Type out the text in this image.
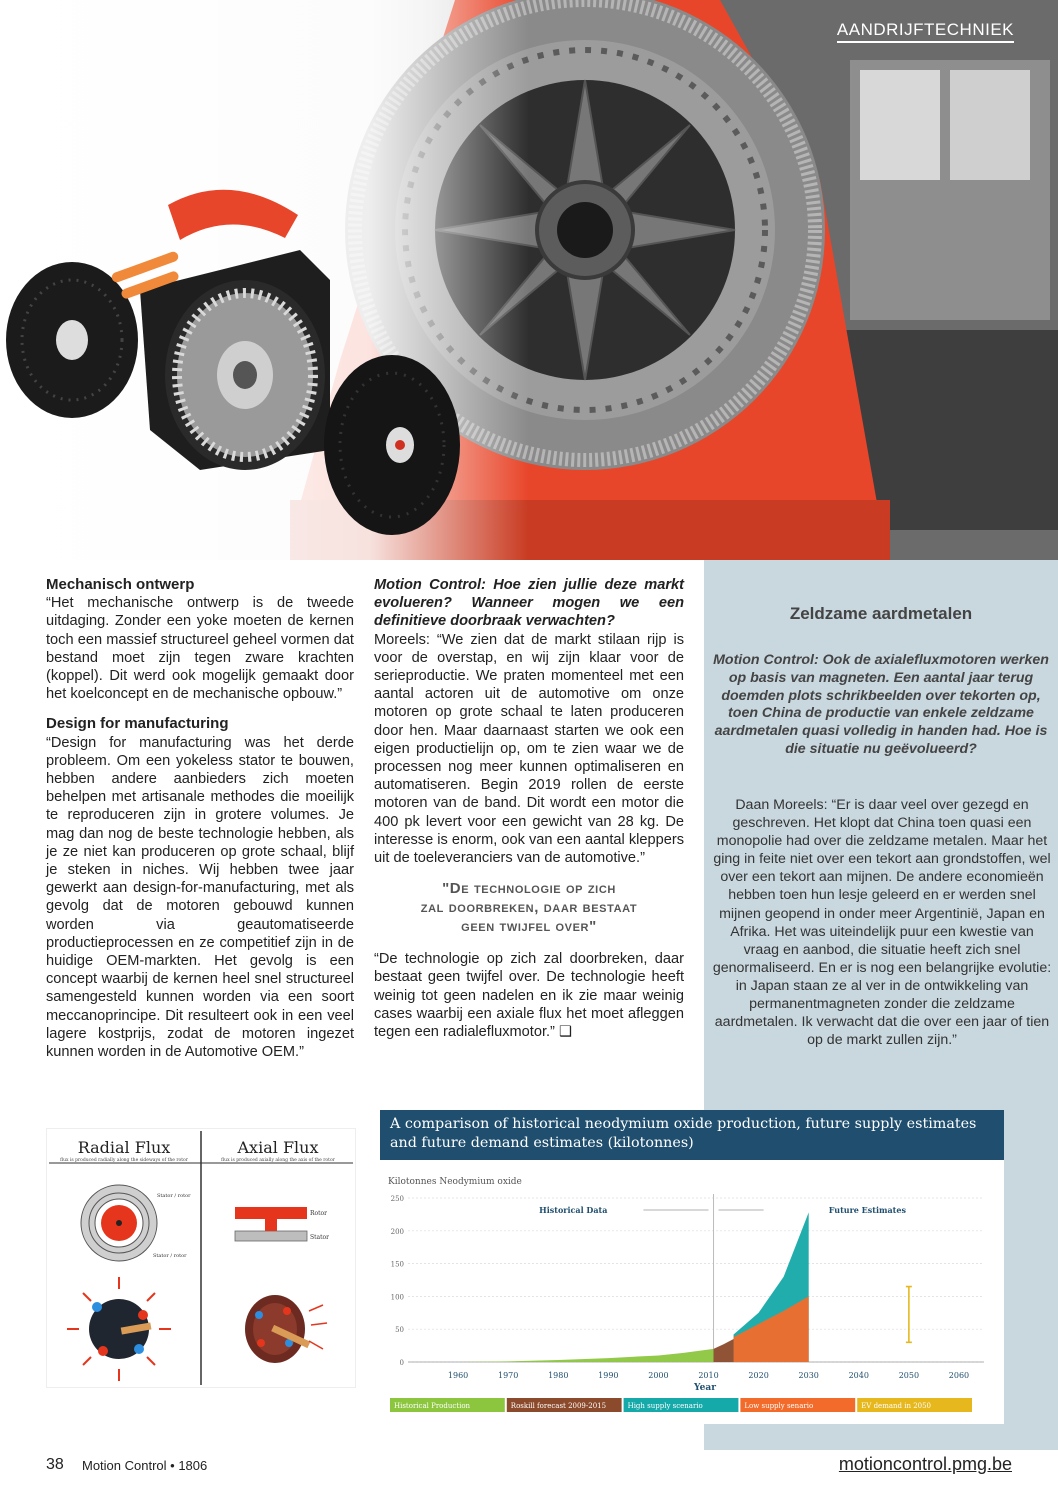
AANDRIJFTECHNIEK

Mechanisch ontwerp

“Het mechanische ontwerp is de tweede uitdaging. Zonder een yoke moeten de kernen toch een massief structureel geheel vormen dat bestand moet zijn tegen zware krachten (koppel). Dit werd ook mogelijk gemaakt door het koelconcept en de mechanische opbouw.”

Design for manufacturing

“Design for manufacturing was het derde probleem. Om een yokeless stator te bouwen, hebben andere aanbieders zich moeten behelpen met artisanale methodes die moeilijk te reproduceren zijn in grotere volumes. Je mag dan nog de beste technologie hebben, als je ze niet kan produceren op grote schaal, blijf je steken in niches. Wij hebben twee jaar gewerkt aan design-for-manufacturing, met als gevolg dat de motoren gebouwd kunnen worden via geautomatiseerde productieprocessen en ze competitief zijn in de huidige OEM-markten. Het gevolg is een concept waarbij de kernen heel snel structureel samengesteld kunnen worden via een soort meccanoprincipe. Dit resulteert ook in een veel lagere kostprijs, zodat de motoren ingezet kunnen worden in de Automotive OEM.”

Motion Control: Hoe zien jullie deze markt evolueren? Wanneer mogen we een definitieve doorbraak verwachten?

Moreels: “We zien dat de markt stilaan rijp is voor de overstap, en wij zijn klaar voor de serieproductie. We praten momenteel met een aantal actoren uit de automotive om onze motoren op grote schaal te laten produceren door hen. Maar daarnaast starten we ook een eigen productielijn op, om te zien waar we de processen nog meer kunnen optimaliseren en automatiseren. Begin 2019 rollen de eerste motoren van de band. Dit wordt een motor die 400 pk levert voor een gewicht van 28 kg. De interesse is enorm, ook van een aantal kleppers uit de toeleveranciers van de automotive.”

"De technologie op zich
zal doorbreken, daar bestaat
geen twijfel over"

“De technologie op zich zal doorbreken, daar bestaat geen twijfel over. De technologie heeft weinig tot geen nadelen en ik zie maar weinig cases waarbij een axiale flux het moet afleggen tegen een radialefluxmotor.” ❑

Zeldzame aardmetalen
Motion Control: Ook de axialefluxmotoren werken op basis van magneten. Een aantal jaar terug doemden plots schrikbeelden over tekorten op, toen China de productie van enkele zeldzame aardmetalen quasi volledig in handen had. Hoe is die situatie nu geëvolueerd?
Daan Moreels: “Er is daar veel over gezegd en geschreven. Het klopt dat China toen quasi een monopolie had over die zeldzame metalen. Maar het ging in feite niet over een tekort aan grondstoffen, wel over een tekort aan mijnen. De andere economieën hebben toen hun lesje geleerd en er werden snel mijnen geopend in onder meer Argentinië, Japan en Afrika. Het was uiteindelijk puur een kwestie van vraag en aanbod, die situatie heeft zich snel genormaliseerd. En er is nog een belangrijke evolutie: in Japan staan ze al ver in de ontwikkeling van permanentmagneten zonder die zeldzame aardmetalen. Ik verwacht dat die over een jaar of tien op de markt zullen zijn.”
Radial Flux	Axial Flux
flux is produced radially along the sideways of the rotor	flux is produced axially along the axis of the rotor
Stator / rotor
Stator / rotor
Rotor
Stator
A comparison of historical neodymium oxide production, future supply estimates and future demand estimates (kilotonnes)
Kilotonnes Neodymium oxide
0
50
100
150
200
250
1960	1970	1980	1990	2000	2010	2020	2030	2040	2050	2060
Historical Data	Future Estimates
Year
Historical Production	Roskill forecast 2009-2015	High supply scenario	Low supply senario	EV demand in 2050
38 Motion Control • 1806	motioncontrol.pmg.be
